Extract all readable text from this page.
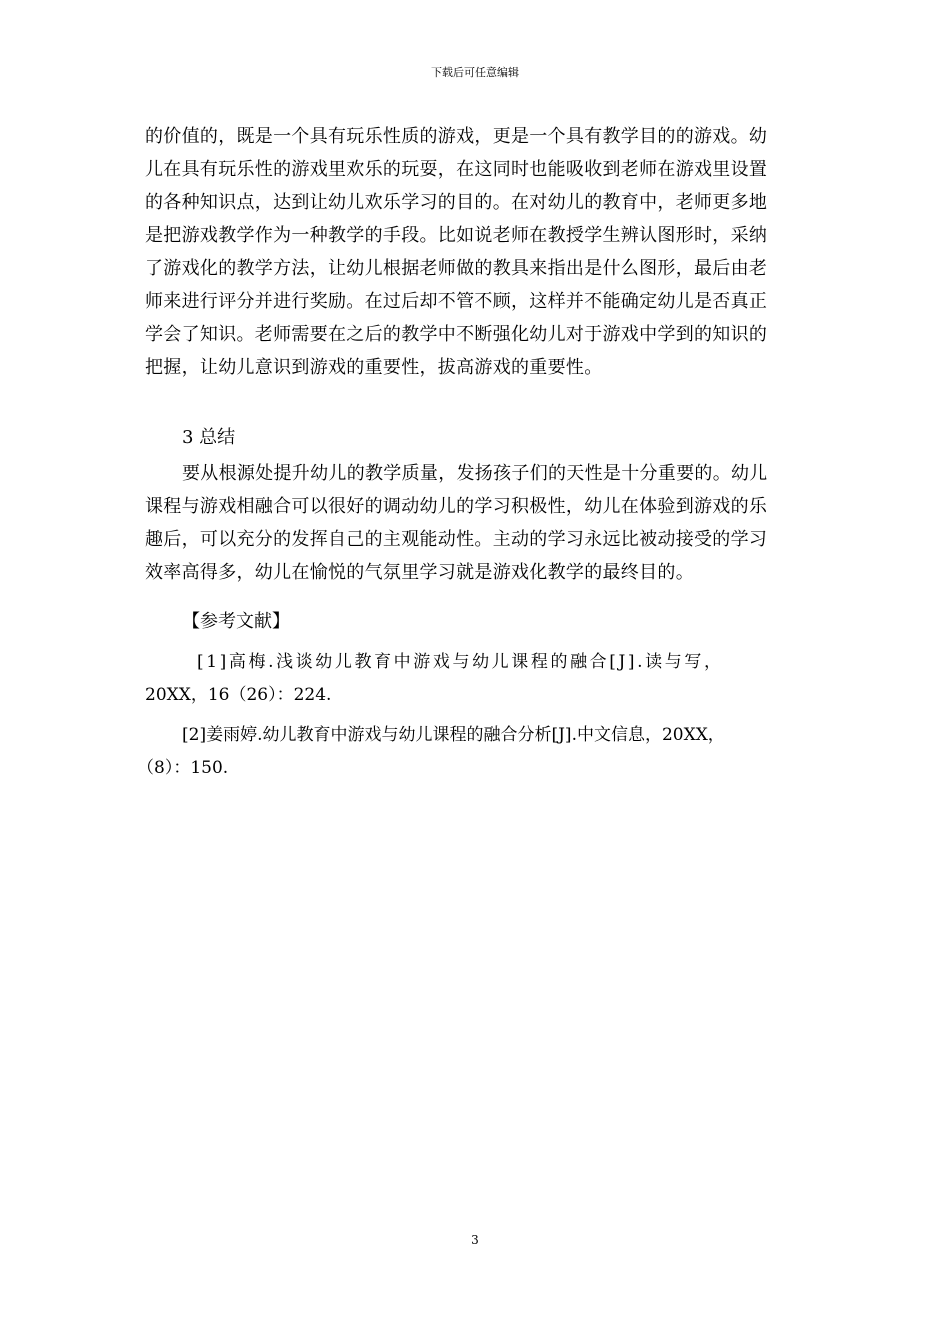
下载后可任意编辑
的价值的，既是一个具有玩乐性质的游戏，更是一个具有教学目的的游戏。幼
儿在具有玩乐性的游戏里欢乐的玩耍，在这同时也能吸收到老师在游戏里设置
的各种知识点，达到让幼儿欢乐学习的目的。在对幼儿的教育中，老师更多地
是把游戏教学作为一种教学的手段。比如说老师在教授学生辨认图形时，采纳
了游戏化的教学方法，让幼儿根据老师做的教具来指出是什么图形，最后由老
师来进行评分并进行奖励。在过后却不管不顾，这样并不能确定幼儿是否真正
学会了知识。老师需要在之后的教学中不断强化幼儿对于游戏中学到的知识的
把握，让幼儿意识到游戏的重要性，拔高游戏的重要性。
3 总结
要从根源处提升幼儿的教学质量，发扬孩子们的天性是十分重要的。幼儿
课程与游戏相融合可以很好的调动幼儿的学习积极性，幼儿在体验到游戏的乐
趣后，可以充分的发挥自己的主观能动性。主动的学习永远比被动接受的学习
效率高得多，幼儿在愉悦的气氛里学习就是游戏化教学的最终目的。
【参考文献】
[1]高梅.浅谈幼儿教育中游戏与幼儿课程的融合[J].读与写，
20XX，16（26）：224.
[2]姜雨婷.幼儿教育中游戏与幼儿课程的融合分析[J].中文信息，20XX，
（8）：150.
3
